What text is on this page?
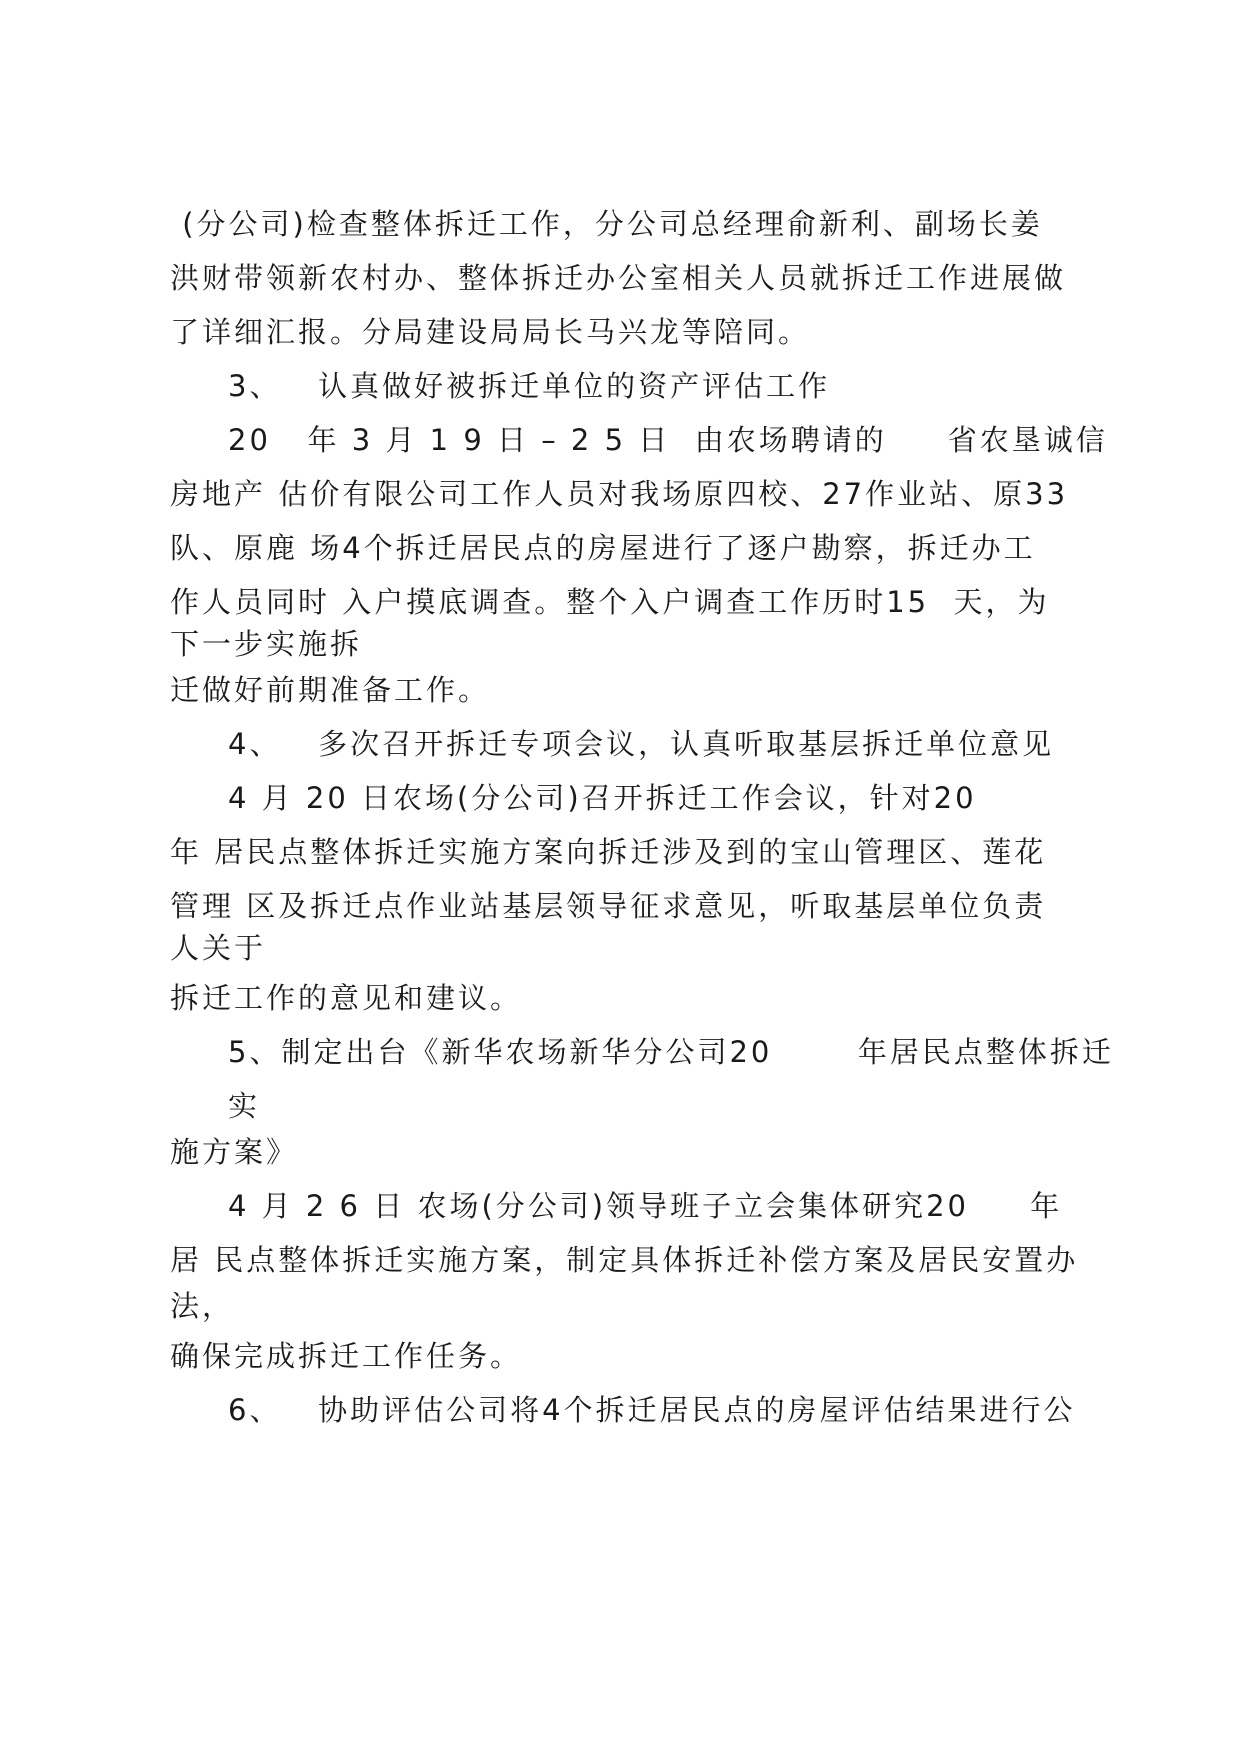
(分公司)检查整体拆迁工作，分公司总经理俞新利、副场长姜
洪财带领新农村办、整体拆迁办公室相关人员就拆迁工作进展做
了详细汇报。分局建设局局长马兴龙等陪同。
3、   认真做好被拆迁单位的资产评估工作
20   年 3 月 1 9 日 – 2 5 日  由农场聘请的     省农垦诚信
房地产 估价有限公司工作人员对我场原四校、27作业站、原33
队、原鹿 场4个拆迁居民点的房屋进行了逐户勘察，拆迁办工
作人员同时 入户摸底调查。整个入户调查工作历时15  天，为
下一步实施拆
迁做好前期准备工作。
4、   多次召开拆迁专项会议，认真听取基层拆迁单位意见
4 月 20 日农场(分公司)召开拆迁工作会议，针对20
年 居民点整体拆迁实施方案向拆迁涉及到的宝山管理区、莲花
管理 区及拆迁点作业站基层领导征求意见，听取基层单位负责
人关于
拆迁工作的意见和建议。
5、制定出台《新华农场新华分公司20       年居民点整体拆迁
实
施方案》
4 月 2 6 日 农场(分公司)领导班子立会集体研究20     年
居 民点整体拆迁实施方案，制定具体拆迁补偿方案及居民安置办
法，
确保完成拆迁工作任务。
6、   协助评估公司将4个拆迁居民点的房屋评估结果进行公
